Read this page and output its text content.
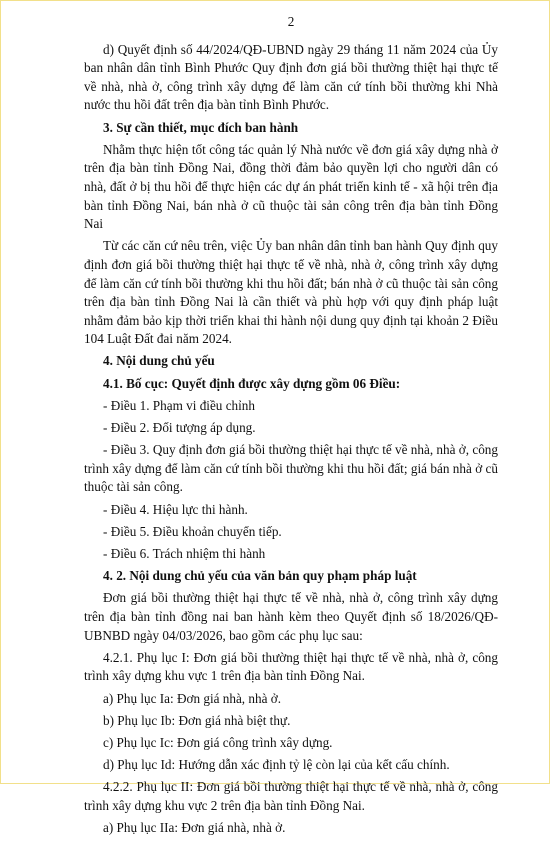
2

d) Quyết định số 44/2024/QĐ-UBND ngày 29 tháng 11 năm 2024 của Ủy ban nhân dân tỉnh Bình Phước Quy định đơn giá bồi thường thiệt hại thực tế về nhà, nhà ở, công trình xây dựng để làm căn cứ tính bồi thường khi Nhà nước thu hồi đất trên địa bàn tỉnh Bình Phước.

3. Sự cần thiết, mục đích ban hành

Nhằm thực hiện tốt công tác quản lý Nhà nước về đơn giá xây dựng nhà ở trên địa bàn tỉnh Đồng Nai, đồng thời đảm bảo quyền lợi cho người dân có nhà, đất ở bị thu hồi để thực hiện các dự án phát triển kinh tế - xã hội trên địa bàn tỉnh Đồng Nai, bán nhà ở cũ thuộc tài sản công trên địa bàn tỉnh Đồng Nai

Từ các căn cứ nêu trên, việc Ủy ban nhân dân tỉnh ban hành Quy định quy định đơn giá bồi thường thiệt hại thực tế về nhà, nhà ở, công trình xây dựng để làm căn cứ tính bồi thường khi thu hồi đất; bán nhà ở cũ thuộc tài sản công trên địa bàn tỉnh Đồng Nai là cần thiết và phù hợp với quy định pháp luật nhằm đảm bảo kịp thời triển khai thi hành nội dung quy định tại khoản 2 Điều 104 Luật Đất đai năm 2024.

4. Nội dung chủ yếu

4.1. Bố cục: Quyết định được xây dựng gồm 06 Điều:

- Điều 1. Phạm vi điều chỉnh

- Điều 2. Đối tượng áp dụng.

- Điều 3. Quy định đơn giá bồi thường thiệt hại thực tế về nhà, nhà ở, công trình xây dựng để làm căn cứ tính bồi thường khi thu hồi đất; giá bán nhà ở cũ thuộc tài sản công.

- Điều 4. Hiệu lực thi hành.

- Điều 5. Điều khoản chuyển tiếp.

- Điều 6. Trách nhiệm thi hành

4. 2. Nội dung chủ yếu của văn bản quy phạm pháp luật

Đơn giá bồi thường thiệt hại thực tế về nhà, nhà ở, công trình xây dựng trên địa bàn tỉnh đồng nai ban hành kèm theo Quyết định số 18/2026/QĐ-UBNBD ngày 04/03/2026, bao gồm các phụ lục sau:

4.2.1. Phụ lục I: Đơn giá bồi thường thiệt hại thực tế về nhà, nhà ở, công trình xây dựng khu vực 1 trên địa bàn tỉnh Đồng Nai.

a) Phụ lục Ia: Đơn giá nhà, nhà ở.

b) Phụ lục Ib: Đơn giá nhà biệt thự.

c) Phụ lục Ic: Đơn giá công trình xây dựng.

d) Phụ lục Id: Hướng dẫn xác định tỷ lệ còn lại của kết cấu chính.

4.2.2. Phụ lục II: Đơn giá bồi thường thiệt hại thực tế về nhà, nhà ở, công trình xây dựng khu vực 2 trên địa bàn tỉnh Đồng Nai.

a) Phụ lục IIa: Đơn giá nhà, nhà ở.
